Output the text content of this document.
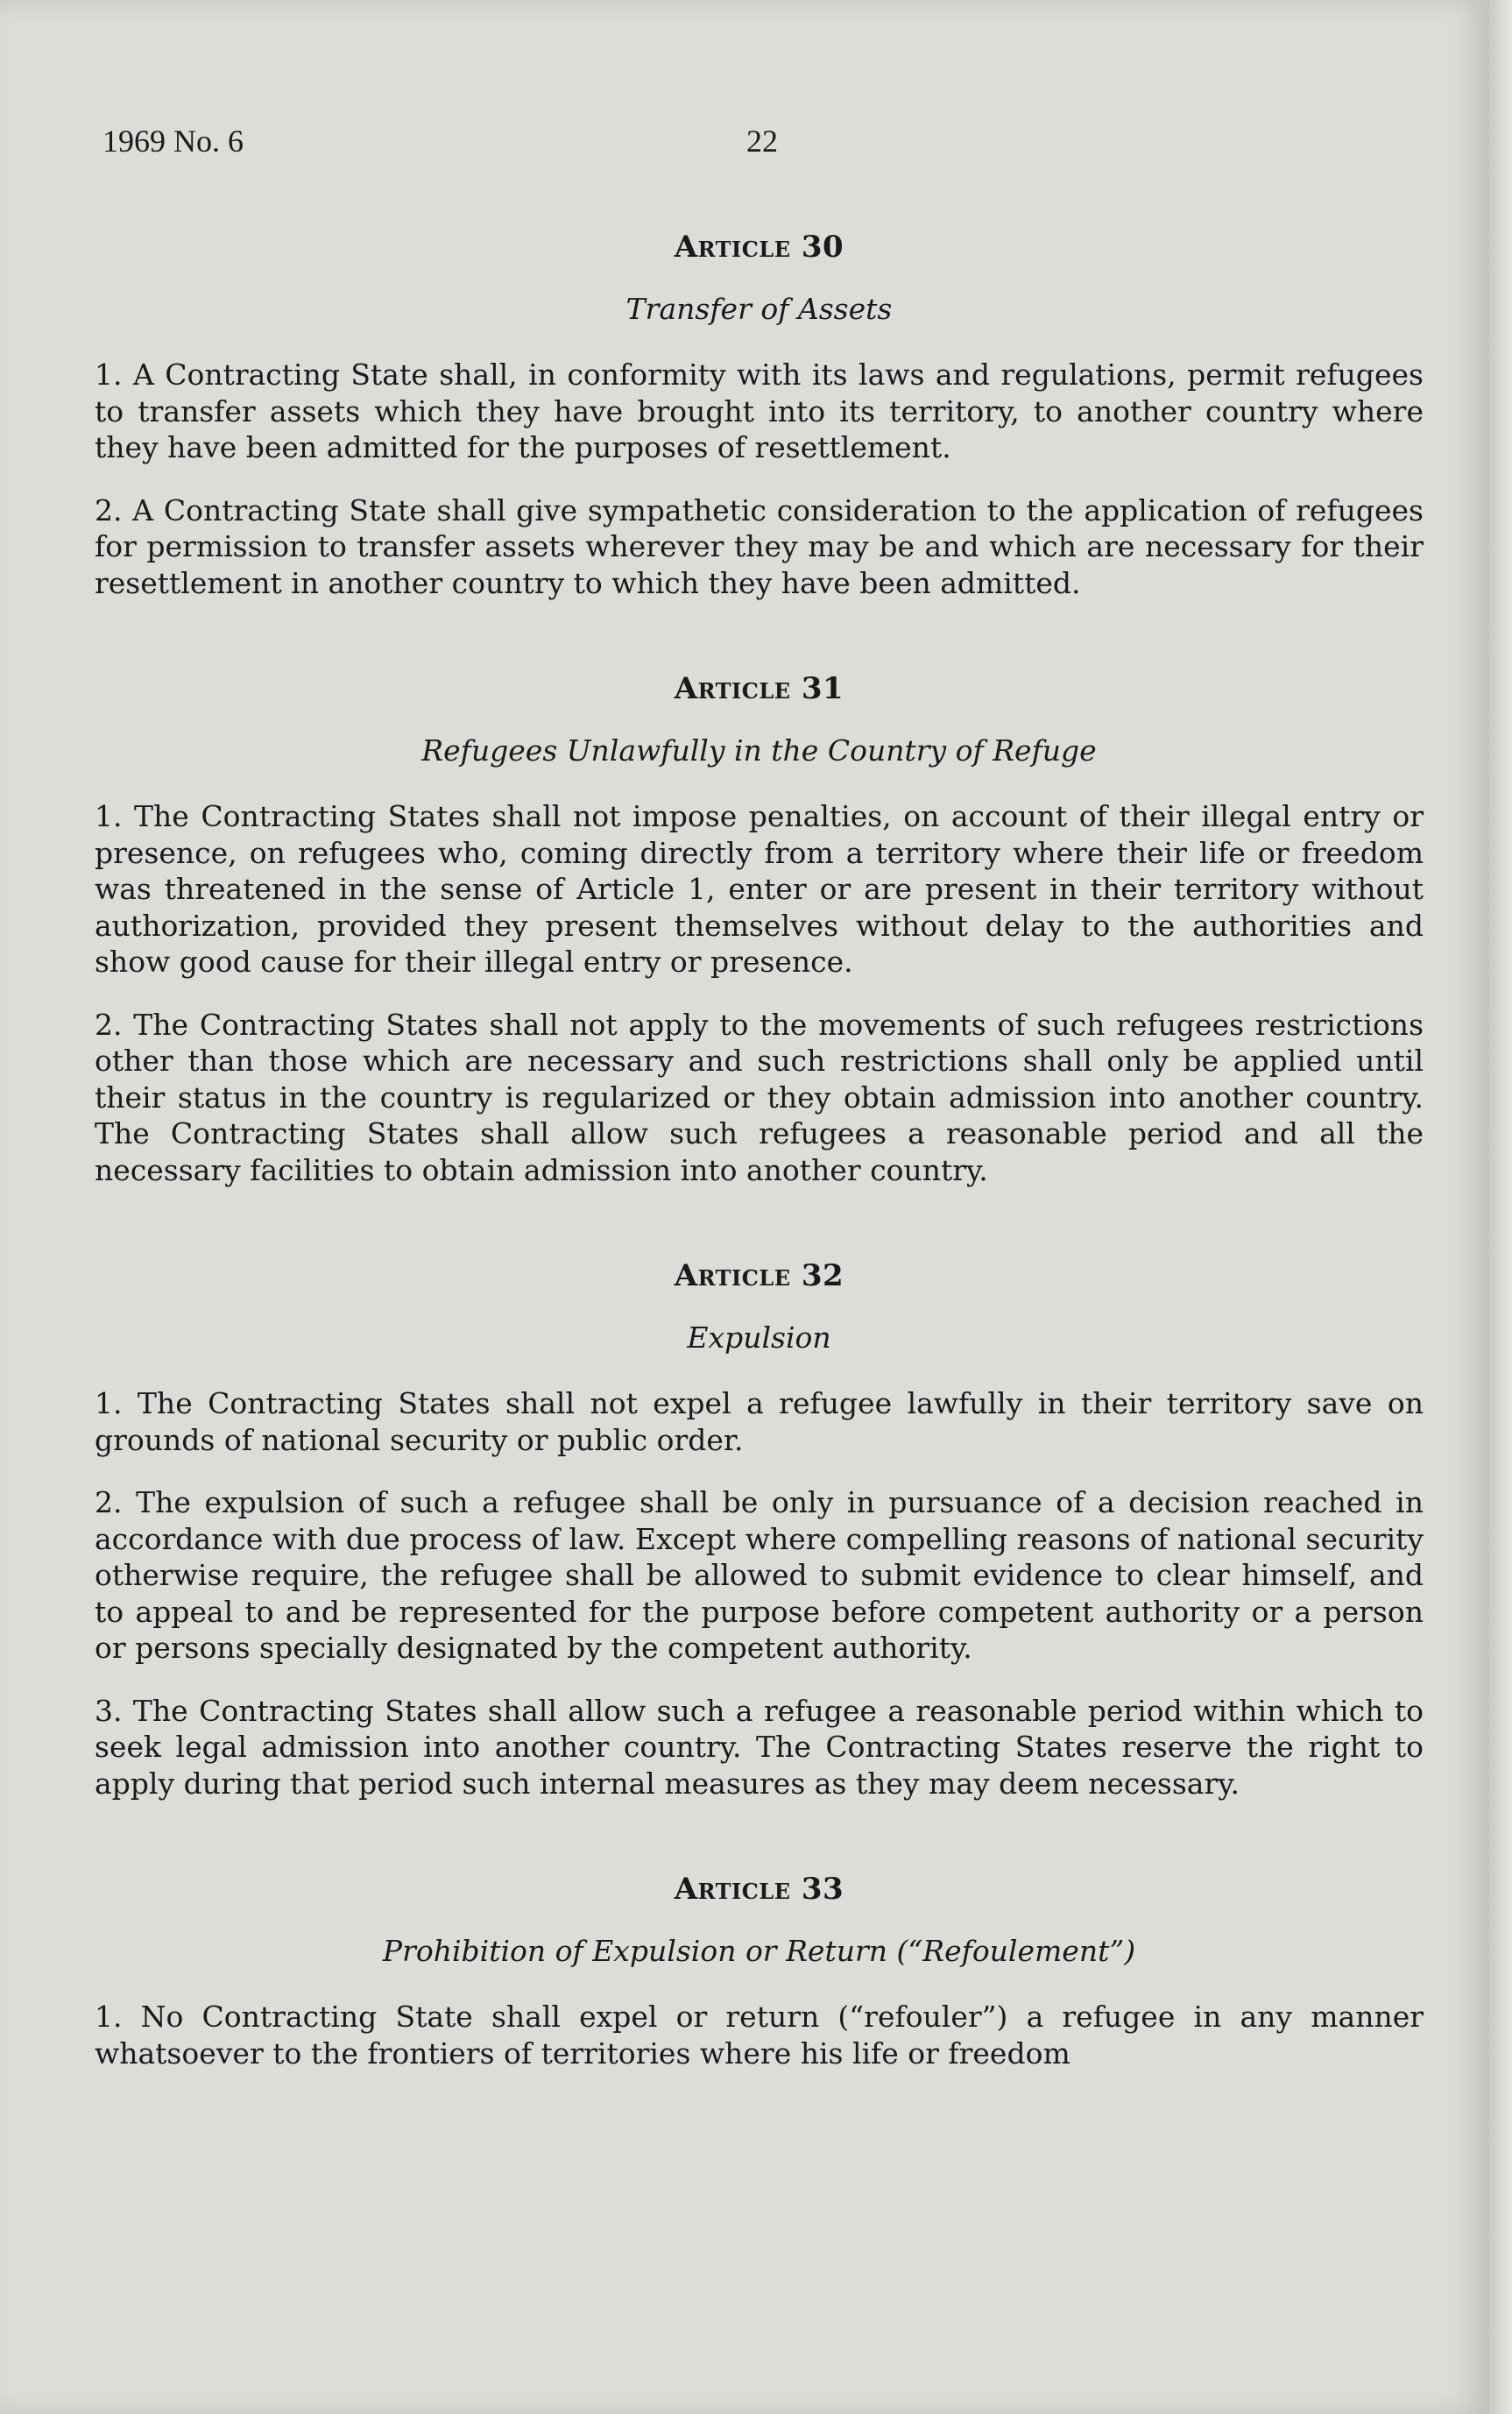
1969 No. 6	22
Article 30
Transfer of Assets

1. A Contracting State shall, in conformity with its laws and regulations, permit refugees to transfer assets which they have brought into its territory, to another country where they have been admitted for the purposes of resettlement.

2. A Contracting State shall give sympathetic consideration to the application of refugees for permission to transfer assets wherever they may be and which are necessary for their resettlement in another country to which they have been admitted.

Article 31
Refugees Unlawfully in the Country of Refuge

1. The Contracting States shall not impose penalties, on account of their illegal entry or presence, on refugees who, coming directly from a territory where their life or freedom was threatened in the sense of Article 1, enter or are present in their territory without authorization, provided they present themselves without delay to the authorities and show good cause for their illegal entry or presence.

2. The Contracting States shall not apply to the movements of such refugees restrictions other than those which are necessary and such restrictions shall only be applied until their status in the country is regularized or they obtain admission into another country. The Contracting States shall allow such refugees a reasonable period and all the necessary facilities to obtain admission into another country.

Article 32
Expulsion

1. The Contracting States shall not expel a refugee lawfully in their territory save on grounds of national security or public order.

2. The expulsion of such a refugee shall be only in pursuance of a decision reached in accordance with due process of law. Except where compelling reasons of national security otherwise require, the refugee shall be allowed to submit evidence to clear himself, and to appeal to and be represented for the purpose before competent authority or a person or persons specially designated by the competent authority.

3. The Contracting States shall allow such a refugee a reasonable period within which to seek legal admission into another country. The Contracting States reserve the right to apply during that period such internal measures as they may deem necessary.

Article 33
Prohibition of Expulsion or Return (“Refoulement”)

1. No Contracting State shall expel or return (“refouler”) a refugee in any manner whatsoever to the frontiers of territories where his life or freedom
